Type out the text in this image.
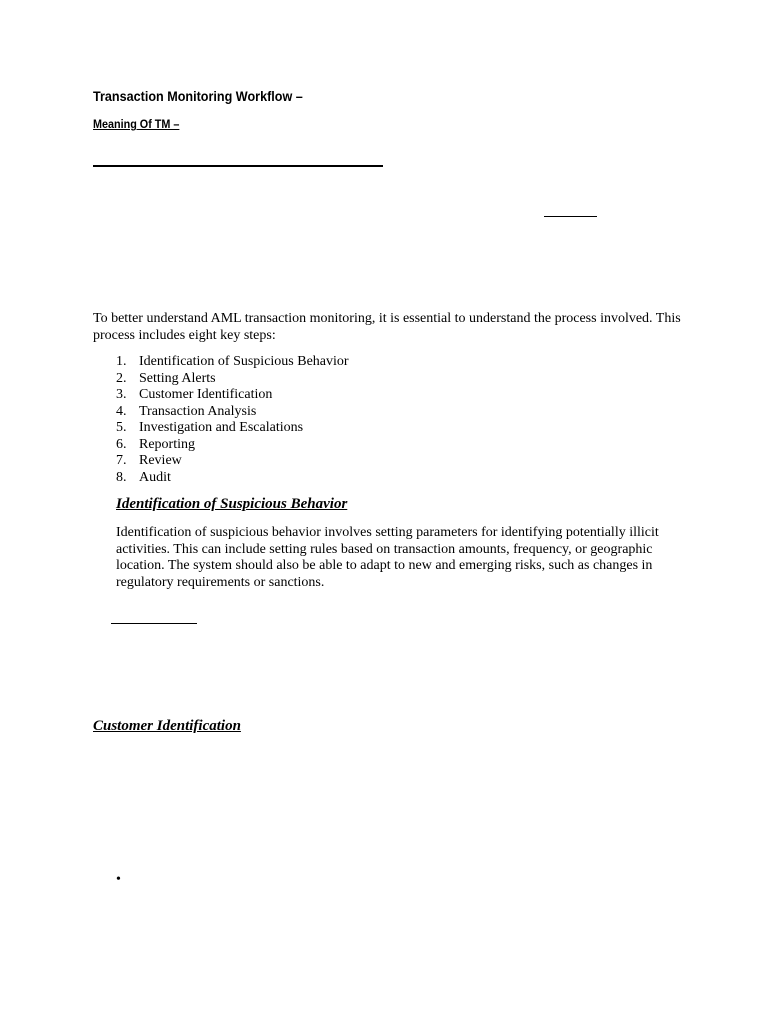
Transaction Monitoring Workflow –
Meaning Of TM –
To better understand AML transaction monitoring, it is essential to understand the process involved. This process includes eight key steps:
1. Identification of Suspicious Behavior
2. Setting Alerts
3. Customer Identification
4. Transaction Analysis
5. Investigation and Escalations
6. Reporting
7. Review
8. Audit
Identification of Suspicious Behavior
Identification of suspicious behavior involves setting parameters for identifying potentially illicit activities. This can include setting rules based on transaction amounts, frequency, or geographic location. The system should also be able to adapt to new and emerging risks, such as changes in regulatory requirements or sanctions.
Customer Identification
•
